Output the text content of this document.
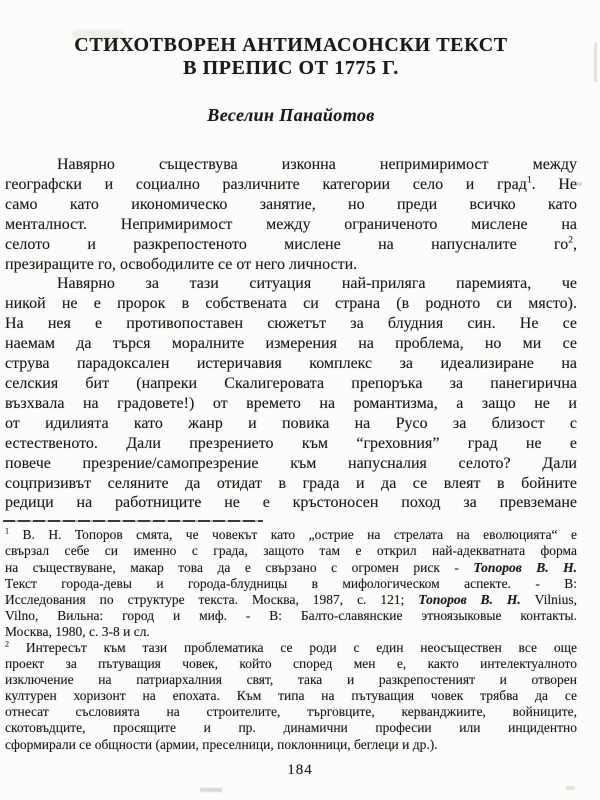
СТИХОТВОРЕН АНТИМАСОНСКИ ТЕКСТ
В ПРЕПИС ОТ 1775 Г.
Веселин Панайотов
Навярно съществува изконна непримиримост между
географски и социално различните категории село и град$^1$. Не
само като икономическо занятие, но преди всичко като
менталност. Непримиримост между ограниченото мислене на
селото и разкрепостеното мислене на напусналите $го^2$,
презиращите го, освободилите се от него личности.
Навярно за тази ситуация най-приляга паремията, че
никой не е пророк в собствената си страна (в родното си място).
На нея е противопоставен сюжетът за блудния син. Не се
наемам да търся моралните измерения на проблема, но ми се
струва парадоксален истеричавия комплекс за идеализиране на
селския бит (напреки Скалигеровата препоръка за панегирична
възхвала на градовете!) от времето на романтизма, а защо не и
от идилията като жанр и повика на Русо за близост с
естественото. Дали презрението към “греховния” град не е
повече презрение/самопрезрение към напусналия селото? Дали
соцпризивът селяните да отидат в града и да се влеят в бойните
редици на работниците не е кръстоносен поход за превземане
$^1$ В. Н. Топоров смята, че човекът като „острие на стрелата на еволюцията“ е
свързал себе си именно с града, защото там е открил най-адекватната форма
на съществуване, макар това да е свързано с огромен риск - Топоров В. Н.
Текст города-девы и города-блудницы в мифологическом аспекте. - В:
Исследования по структуре текста. Москва, 1987, с. 121; Топоров В. Н. Vilnius,
Vilno, Вильна: город и миф. - В: Балто-славянские этноязыковые контакты.
Москва, 1980, с. 3-8 и сл.
$^2$ Интересът към тази проблематика се роди с един неосъществен все още
проект за пътуващия човек, който според мен е, както интелектуалното
изключение на патриархалния свят, така и разкрепостеният и отворен
културен хоризонт на епохата. Към типа на пътуващия човек трябва да се
отнесат съсловията на строителите, търговците, керванджиите, войниците,
скотовъдците, просящите и пр. динамични професии или инцидентно
сформирали се общности (армии, преселници, поклонници, беглеци и др.).
184
